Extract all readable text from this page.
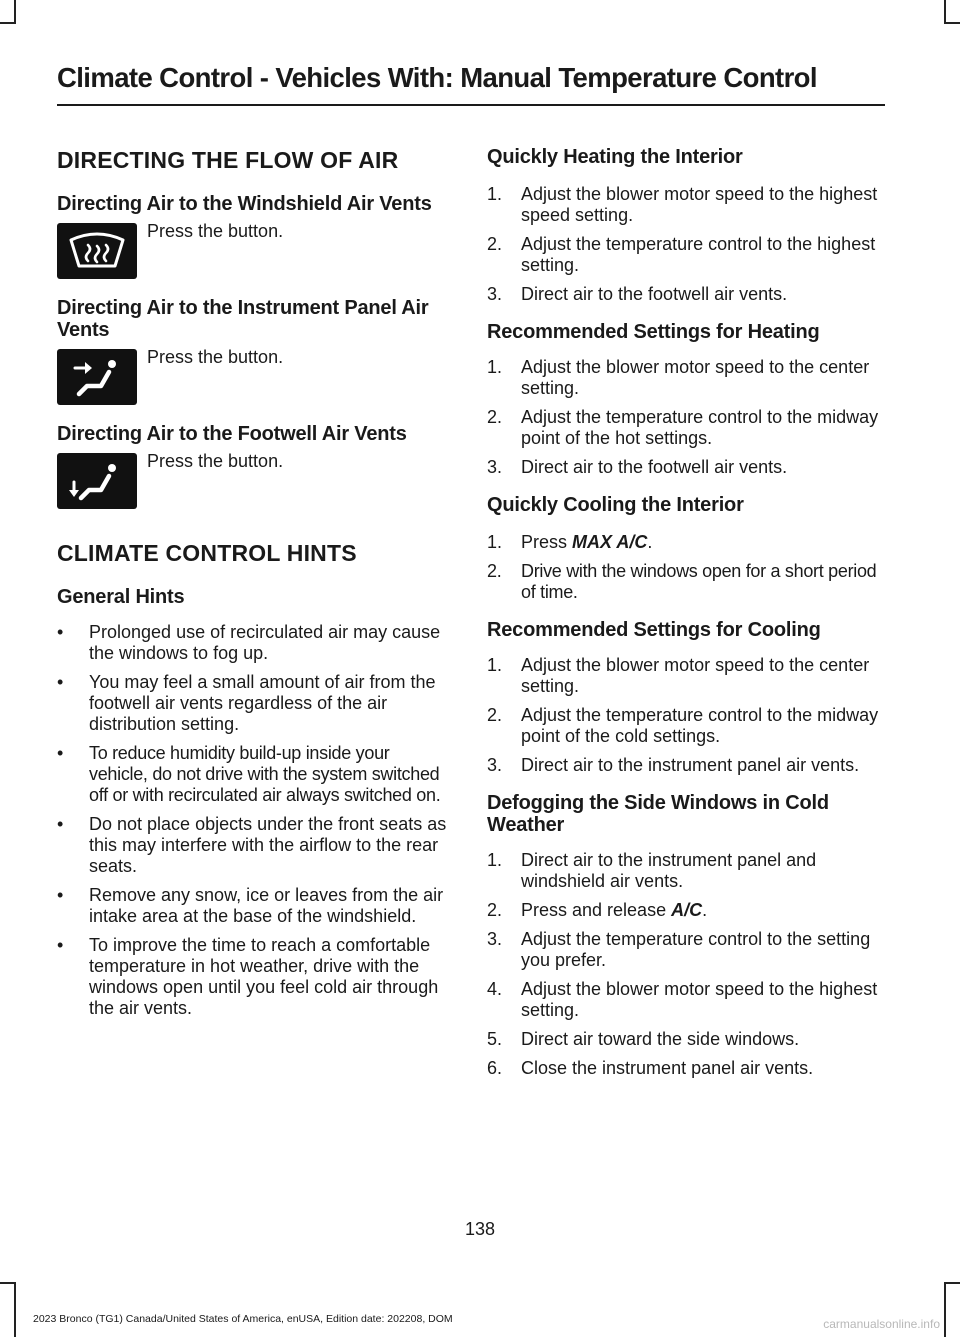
Climate Control - Vehicles With: Manual Temperature Control
DIRECTING THE FLOW OF AIR
Directing Air to the Windshield Air Vents
Press the button.
Directing Air to the Instrument Panel Air Vents
Press the button.
Directing Air to the Footwell Air Vents
Press the button.
CLIMATE CONTROL HINTS
General Hints
• Prolonged use of recirculated air may cause the windows to fog up.
• You may feel a small amount of air from the footwell air vents regardless of the air distribution setting.
• To reduce humidity build-up inside your vehicle, do not drive with the system switched off or with recirculated air always switched on.
• Do not place objects under the front seats as this may interfere with the airflow to the rear seats.
• Remove any snow, ice or leaves from the air intake area at the base of the windshield.
• To improve the time to reach a comfortable temperature in hot weather, drive with the windows open until you feel cold air through the air vents.
Quickly Heating the Interior
1. Adjust the blower motor speed to the highest speed setting.
2. Adjust the temperature control to the highest setting.
3. Direct air to the footwell air vents.
Recommended Settings for Heating
1. Adjust the blower motor speed to the center setting.
2. Adjust the temperature control to the midway point of the hot settings.
3. Direct air to the footwell air vents.
Quickly Cooling the Interior
1. Press MAX A/C.
2. Drive with the windows open for a short period of time.
Recommended Settings for Cooling
1. Adjust the blower motor speed to the center setting.
2. Adjust the temperature control to the midway point of the cold settings.
3. Direct air to the instrument panel air vents.
Defogging the Side Windows in Cold Weather
1. Direct air to the instrument panel and windshield air vents.
2. Press and release A/C.
3. Adjust the temperature control to the setting you prefer.
4. Adjust the blower motor speed to the highest setting.
5. Direct air toward the side windows.
6. Close the instrument panel air vents.
138
2023 Bronco (TG1) Canada/United States of America, enUSA, Edition date: 202208, DOM	carmanualsonline.info
